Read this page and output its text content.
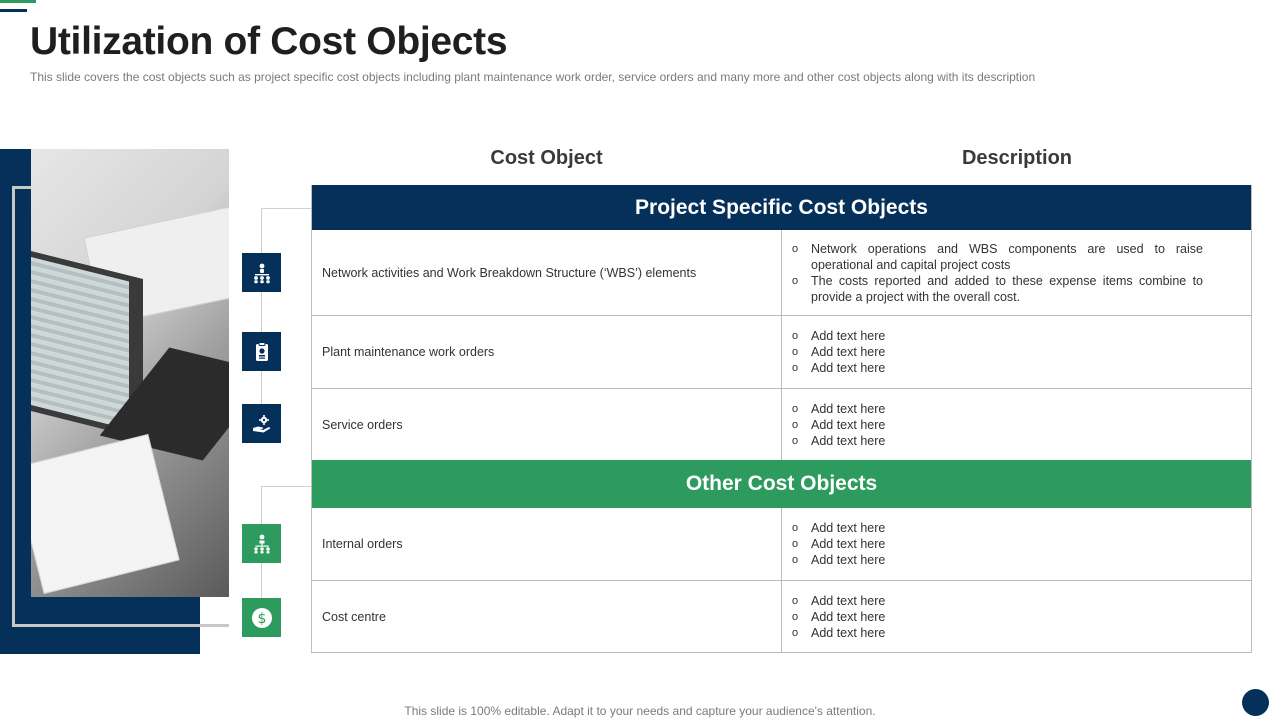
Utilization of Cost Objects

This slide covers the cost objects such as project specific cost objects including plant maintenance work order, service orders and many more and other cost objects along with its description

$
Cost Object	Description
Project Specific Cost Objects
Network activities and Work Breakdown Structure (‘WBS’) elements
o	Network operations and WBS components are used to raise operational and capital project costs
o	The costs reported and added to these expense items combine to provide a project with the overall cost.
Plant maintenance work orders
o	Add text here
o	Add text here
o	Add text here
Service orders
o	Add text here
o	Add text here
o	Add text here
Other Cost Objects
Internal orders
o	Add text here
o	Add text here
o	Add text here
Cost centre
o	Add text here
o	Add text here
o	Add text here
This slide is 100% editable. Adapt it to your needs and capture your audience's attention.
